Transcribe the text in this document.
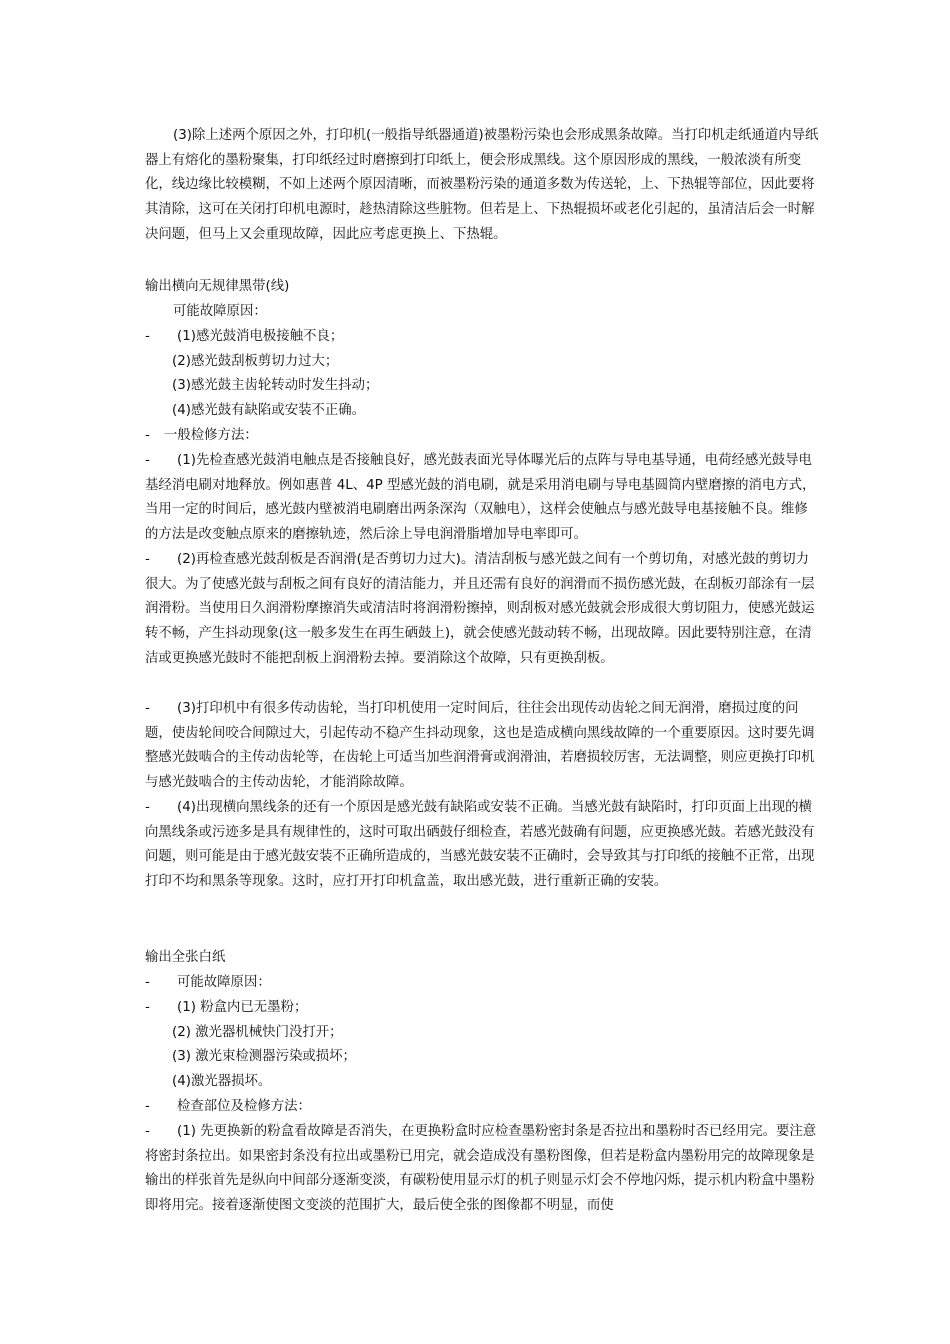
(3)除上述两个原因之外，打印机(一般指导纸器通道)被墨粉污染也会形成黑条故障。当打印机走纸通道内导纸器上有熔化的墨粉聚集，打印纸经过时磨擦到打印纸上，便会形成黑线。这个原因形成的黑线，一般浓淡有所变化，线边缘比较模糊，不如上述两个原因清晰，而被墨粉污染的通道多数为传送轮，上、下热辊等部位，因此要将其清除，这可在关闭打印机电源时，趁热清除这些脏物。但若是上、下热辊损坏或老化引起的，虽清洁后会一时解决问题，但马上又会重现故障，因此应考虑更换上、下热辊。

输出横向无规律黑带(线)

可能故障原因：

- (1)感光鼓消电极接触不良；
(2)感光鼓刮板剪切力过大；
(3)感光鼓主齿轮转动时发生抖动；
(4)感光鼓有缺陷或安装不正确。
- 一般检修方法：
-	(1)先检查感光鼓消电触点是否接触良好，感光鼓表面光导体曝光后的点阵与导电基导通，电荷经感光鼓导电基经消电刷对地释放。例如惠普 4L、4P 型感光鼓的消电刷，就是采用消电刷与导电基圆筒内壁磨擦的消电方式，当用一定的时间后，感光鼓内壁被消电刷磨出两条深沟（双触电），这样会使触点与感光鼓导电基接触不良。维修的方法是改变触点原来的磨擦轨迹，然后涂上导电润滑脂增加导电率即可。

-	(2)再检查感光鼓刮板是否润滑(是否剪切力过大)。清洁刮板与感光鼓之间有一个剪切角，对感光鼓的剪切力很大。为了使感光鼓与刮板之间有良好的清洁能力，并且还需有良好的润滑而不损伤感光鼓，在刮板刃部涂有一层润滑粉。当使用日久润滑粉摩擦消失或清洁时将润滑粉擦掉，则刮板对感光鼓就会形成很大剪切阻力，使感光鼓运转不畅，产生抖动现象(这一般多发生在再生硒鼓上)，就会使感光鼓动转不畅，出现故障。因此要特别注意，在清洁或更换感光鼓时不能把刮板上润滑粉去掉。要消除这个故障，只有更换刮板。

-	(3)打印机中有很多传动齿轮，当打印机使用一定时间后，往往会出现传动齿轮之间无润滑，磨损过度的问题，使齿轮间咬合间隙过大，引起传动不稳产生抖动现象，这也是造成横向黑线故障的一个重要原因。这时要先调整感光鼓啮合的主传动齿轮等，在齿轮上可适当加些润滑膏或润滑油，若磨损较厉害，无法调整，则应更换打印机与感光鼓啮合的主传动齿轮，才能消除故障。

-	(4)出现横向黑线条的还有一个原因是感光鼓有缺陷或安装不正确。当感光鼓有缺陷时，打印页面上出现的横向黑线条或污迹多是具有规律性的，这时可取出硒鼓仔细检查，若感光鼓确有问题，应更换感光鼓。若感光鼓没有问题，则可能是由于感光鼓安装不正确所造成的，当感光鼓安装不正确时，会导致其与打印纸的接触不正常，出现打印不均和黑条等现象。这时，应打开打印机盒盖，取出感光鼓，进行重新正确的安装。

输出全张白纸

- 可能故障原因：
- (1) 粉盒内已无墨粉；
(2) 激光器机械快门没打开；
(3) 激光束检测器污染或损坏；
(4)激光器损坏。
- 检查部位及检修方法：
-	(1) 先更换新的粉盒看故障是否消失，在更换粉盒时应检查墨粉密封条是否拉出和墨粉时否已经用完。要注意将密封条拉出。如果密封条没有拉出或墨粉已用完，就会造成没有墨粉图像，但若是粉盒内墨粉用完的故障现象是输出的样张首先是纵向中间部分逐渐变淡，有碳粉使用显示灯的机子则显示灯会不停地闪烁，提示机内粉盒中墨粉即将用完。接着逐渐使图文变淡的范围扩大，最后使全张的图像都不明显，而使
